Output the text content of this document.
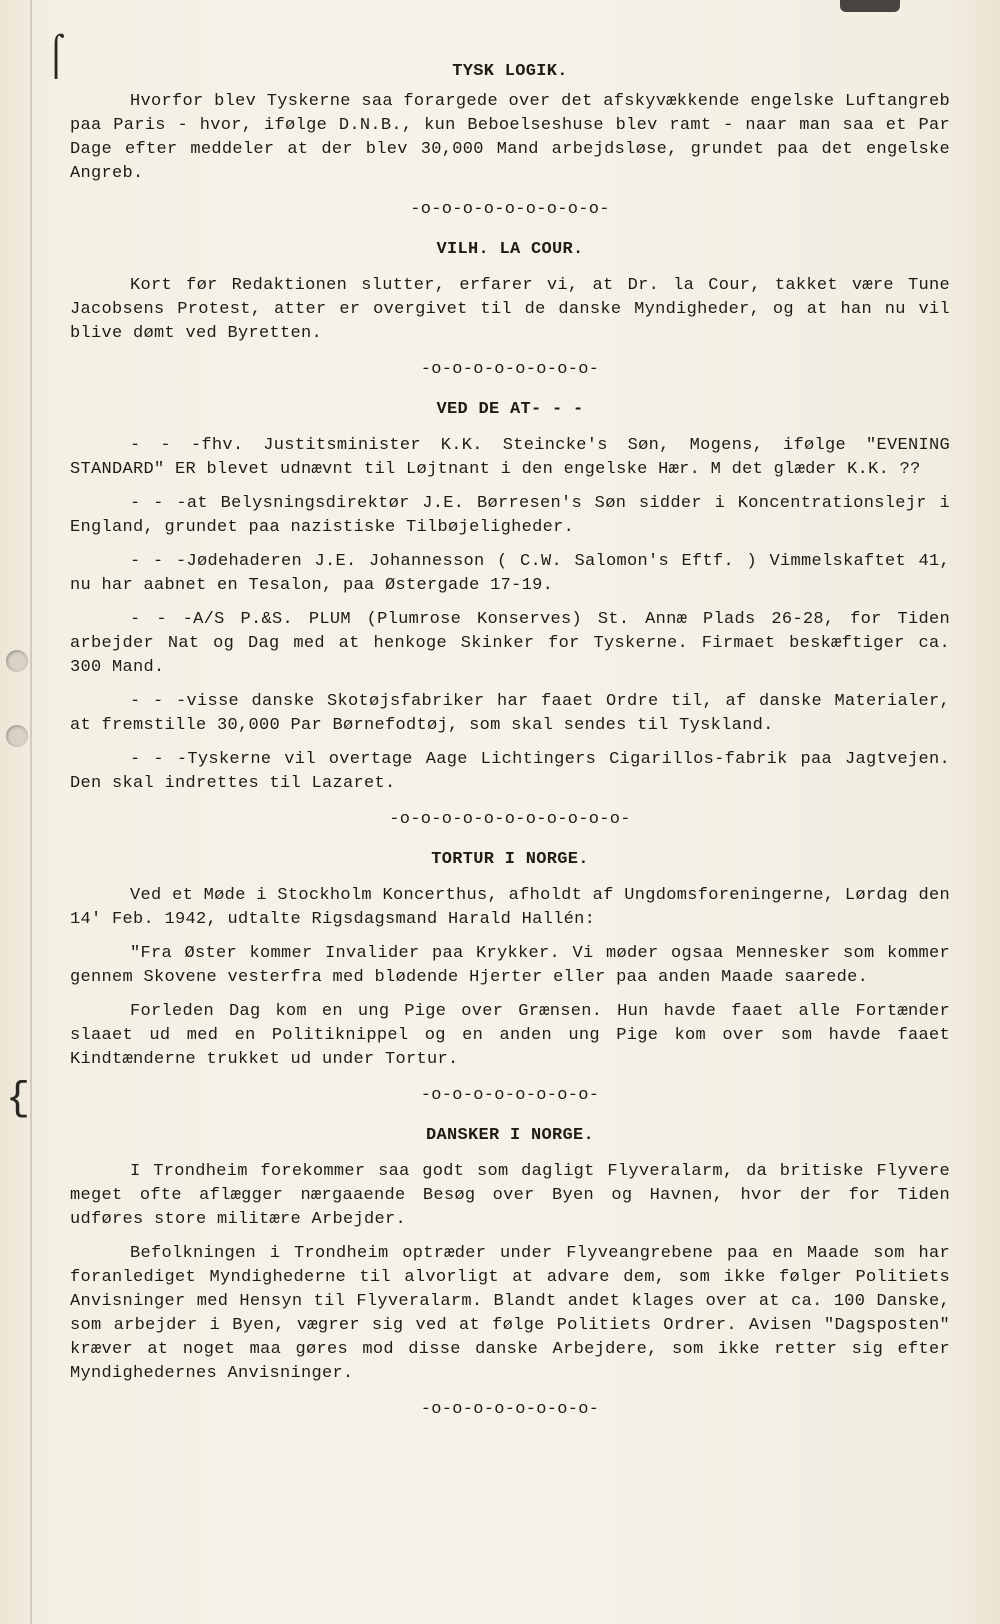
⌠
{
TYSK LOGIK.

Hvorfor blev Tyskerne saa forargede over det afskyvækkende engelske Luftangreb paa Paris - hvor, ifølge D.N.B., kun Beboelseshuse blev ramt - naar man saa et Par Dage efter meddeler at der blev 30,000 Mand arbejdsløse, grundet paa det engelske Angreb.

-o-o-o-o-o-o-o-o-o-
VILH. LA COUR.

Kort før Redaktionen slutter, erfarer vi, at Dr. la Cour, takket være Tune Jacobsens Protest, atter er overgivet til de danske Myndigheder, og at han nu vil blive dømt ved Byretten.

-o-o-o-o-o-o-o-o-
VED DE AT- - -

- - -fhv. Justitsminister K.K. Steincke's Søn, Mogens, ifølge "EVENING STANDARD" ER blevet udnævnt til Løjtnant i den engelske Hær. M det glæder K.K. ??

- - -at Belysningsdirektør J.E. Børresen's Søn sidder i Koncentrationslejr i England, grundet paa nazistiske Tilbøjeligheder.

- - -Jødehaderen J.E. Johannesson ( C.W. Salomon's Eftf. ) Vimmelskaftet 41, nu har aabnet en Tesalon, paa Østergade 17-19.

- - -A/S P.&S. PLUM (Plumrose Konserves) St. Annæ Plads 26-28, for Tiden arbejder Nat og Dag med at henkoge Skinker for Tyskerne. Firmaet beskæftiger ca. 300 Mand.

- - -visse danske Skotøjsfabriker har faaet Ordre til, af danske Materialer, at fremstille 30,000 Par Børnefodtøj, som skal sendes til Tyskland.

- - -Tyskerne vil overtage Aage Lichtingers Cigarillos-fabrik paa Jagtvejen. Den skal indrettes til Lazaret.

-o-o-o-o-o-o-o-o-o-o-o-
TORTUR I NORGE.

Ved et Møde i Stockholm Koncerthus, afholdt af Ungdomsforeningerne, Lørdag den 14' Feb. 1942, udtalte Rigsdagsmand Harald Hallén:

"Fra Øster kommer Invalider paa Krykker. Vi møder ogsaa Mennesker som kommer gennem Skovene vesterfra med blødende Hjerter eller paa anden Maade saarede.

Forleden Dag kom en ung Pige over Grænsen. Hun havde faaet alle Fortænder slaaet ud med en Politiknippel og en anden ung Pige kom over som havde faaet Kindtænderne trukket ud under Tortur.

-o-o-o-o-o-o-o-o-
DANSKER I NORGE.

I Trondheim forekommer saa godt som dagligt Flyveralarm, da britiske Flyvere meget ofte aflægger nærgaaende Besøg over Byen og Havnen, hvor der for Tiden udføres store militære Arbejder.

Befolkningen i Trondheim optræder under Flyveangrebene paa en Maade som har foranlediget Myndighederne til alvorligt at advare dem, som ikke følger Politiets Anvisninger med Hensyn til Flyveralarm. Blandt andet klages over at ca. 100 Danske, som arbejder i Byen, vægrer sig ved at følge Politiets Ordrer. Avisen "Dagsposten" kræver at noget maa gøres mod disse danske Arbejdere, som ikke retter sig efter Myndighedernes Anvisninger.

-o-o-o-o-o-o-o-o-
